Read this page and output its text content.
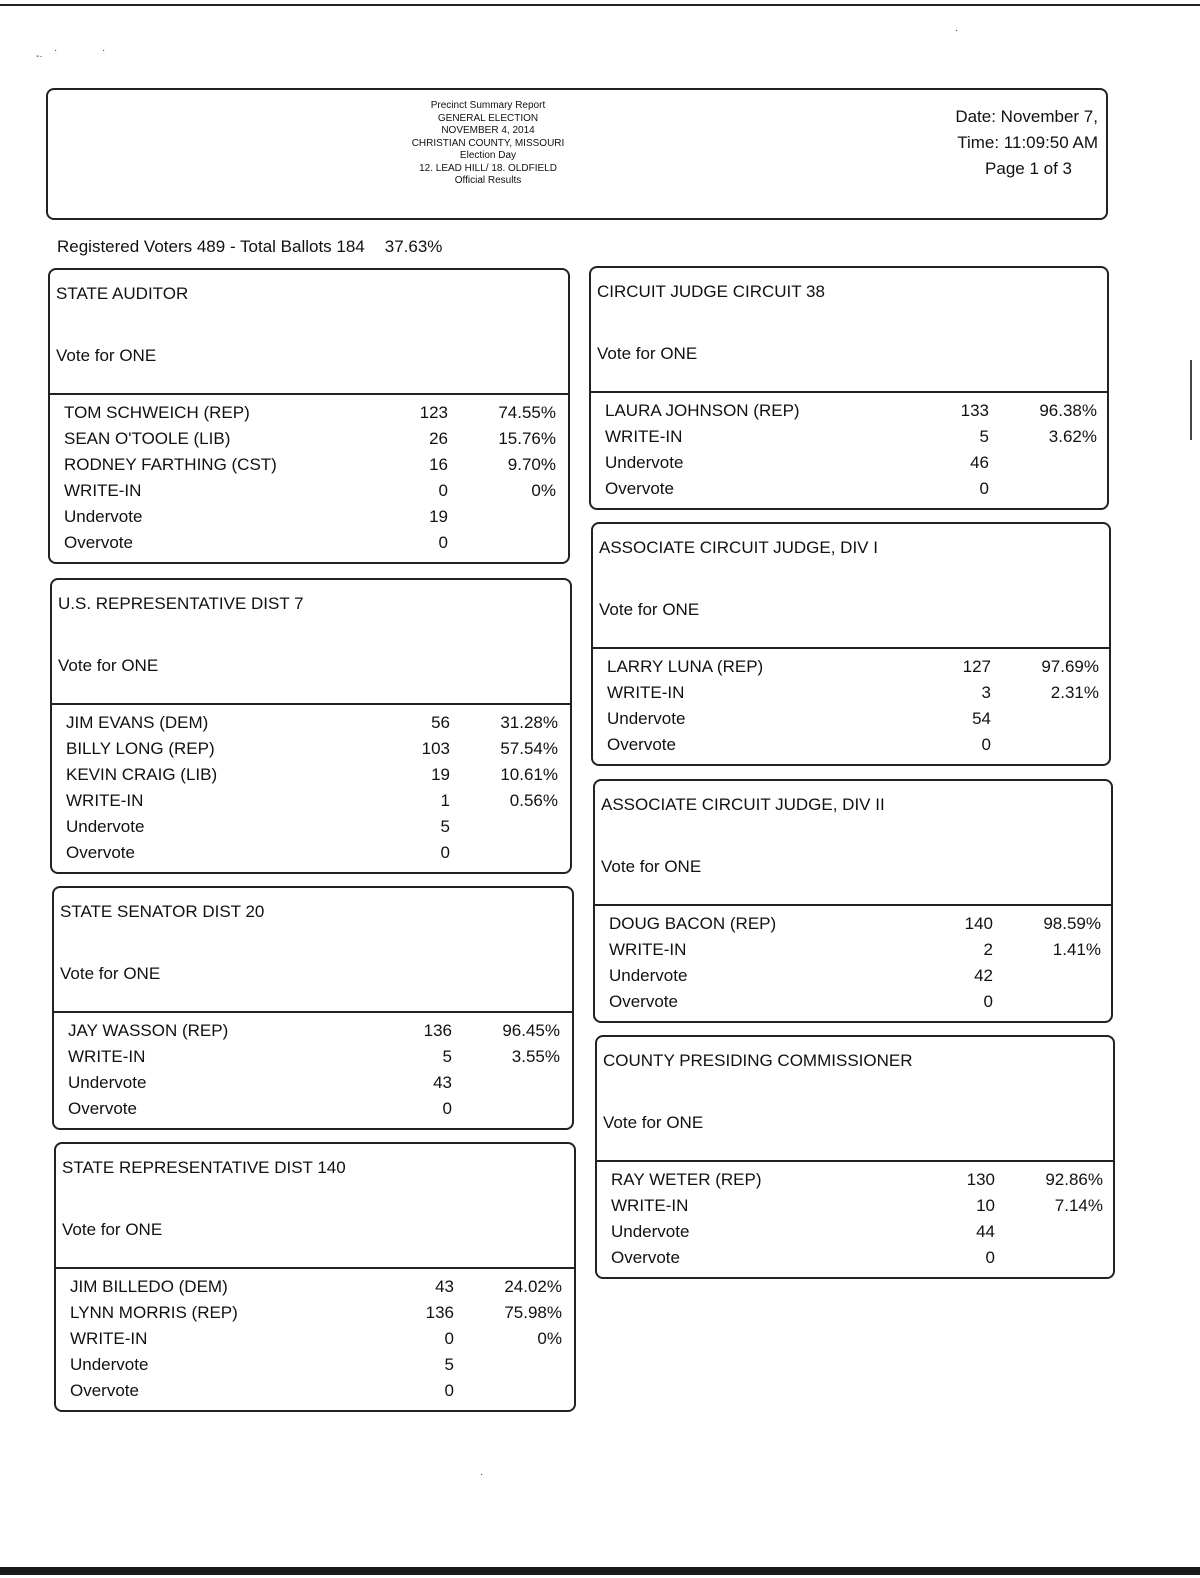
-·
·	·
·
·
Precinct Summary Report
GENERAL ELECTION
NOVEMBER 4, 2014
CHRISTIAN COUNTY, MISSOURI
Election Day
12. LEAD HILL/ 18. OLDFIELD
Official Results
Date: November 7,
Time: 11:09:50 AM
Page 1 of 3
Registered Voters 489 - Total Ballots 184 37.63%
STATE AUDITOR
Vote for ONE
TOM SCHWEICH (REP)	123	74.55%
SEAN O'TOOLE (LIB)	26	15.76%
RODNEY FARTHING (CST)	16	9.70%
WRITE-IN	0	0%
Undervote	19
Overvote	0
U.S. REPRESENTATIVE DIST 7
Vote for ONE
JIM EVANS (DEM)	56	31.28%
BILLY LONG (REP)	103	57.54%
KEVIN CRAIG (LIB)	19	10.61%
WRITE-IN	1	0.56%
Undervote	5
Overvote	0
STATE SENATOR DIST 20
Vote for ONE
JAY WASSON (REP)	136	96.45%
WRITE-IN	5	3.55%
Undervote	43
Overvote	0
STATE REPRESENTATIVE DIST 140
Vote for ONE
JIM BILLEDO (DEM)	43	24.02%
LYNN MORRIS (REP)	136	75.98%
WRITE-IN	0	0%
Undervote	5
Overvote	0
CIRCUIT JUDGE CIRCUIT 38
Vote for ONE
LAURA JOHNSON (REP)	133	96.38%
WRITE-IN	5	3.62%
Undervote	46
Overvote	0
ASSOCIATE CIRCUIT JUDGE, DIV I
Vote for ONE
LARRY LUNA (REP)	127	97.69%
WRITE-IN	3	2.31%
Undervote	54
Overvote	0
ASSOCIATE CIRCUIT JUDGE, DIV II
Vote for ONE
DOUG BACON (REP)	140	98.59%
WRITE-IN	2	1.41%
Undervote	42
Overvote	0
COUNTY PRESIDING COMMISSIONER
Vote for ONE
RAY WETER (REP)	130	92.86%
WRITE-IN	10	7.14%
Undervote	44
Overvote	0
